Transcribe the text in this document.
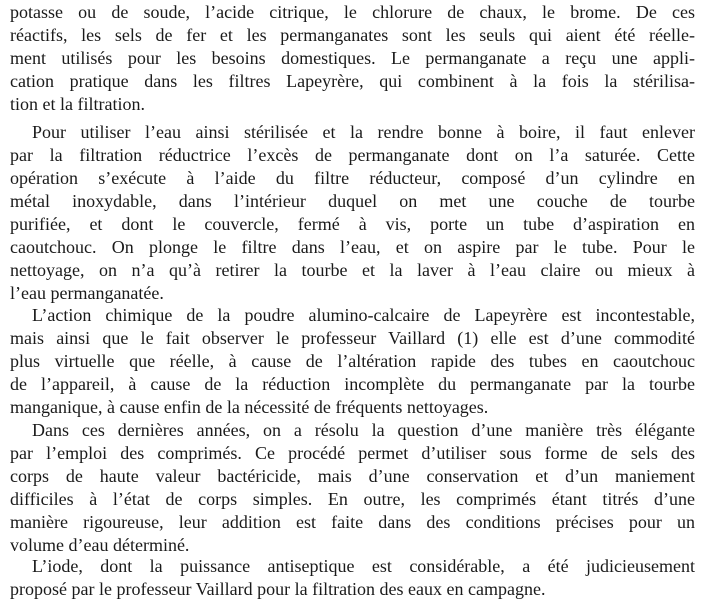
potasse ou de soude, l’acide citrique, le chlorure de chaux, le brome. De ces
réactifs, les sels de fer et les permanganates sont les seuls qui aient été réelle-
ment utilisés pour les besoins domestiques. Le permanganate a reçu une appli-
cation pratique dans les filtres Lapeyrère, qui combinent à la fois la stérilisa-
tion et la filtration.
Pour utiliser l’eau ainsi stérilisée et la rendre bonne à boire, il faut enlever
par la filtration réductrice l’excès de permanganate dont on l’a saturée. Cette
opération s’exécute à l’aide du filtre réducteur, composé d’un cylindre en
métal inoxydable, dans l’intérieur duquel on met une couche de tourbe
purifiée, et dont le couvercle, fermé à vis, porte un tube d’aspiration en
caoutchouc. On plonge le filtre dans l’eau, et on aspire par le tube. Pour le
nettoyage, on n’a qu’à retirer la tourbe et la laver à l’eau claire ou mieux à
l’eau permanganatée.
L’action chimique de la poudre alumino-calcaire de Lapeyrère est incontestable,
mais ainsi que le fait observer le professeur Vaillard (1) elle est d’une commodité
plus virtuelle que réelle, à cause de l’altération rapide des tubes en caoutchouc
de l’appareil, à cause de la réduction incomplète du permanganate par la tourbe
manganique, à cause enfin de la nécessité de fréquents nettoyages.
Dans ces dernières années, on a résolu la question d’une manière très élégante
par l’emploi des comprimés. Ce procédé permet d’utiliser sous forme de sels des
corps de haute valeur bactéricide, mais d’une conservation et d’un maniement
difficiles à l’état de corps simples. En outre, les comprimés étant titrés d’une
manière rigoureuse, leur addition est faite dans des conditions précises pour un
volume d’eau déterminé.
L’iode, dont la puissance antiseptique est considérable, a été judicieusement
proposé par le professeur Vaillard pour la filtration des eaux en campagne.
